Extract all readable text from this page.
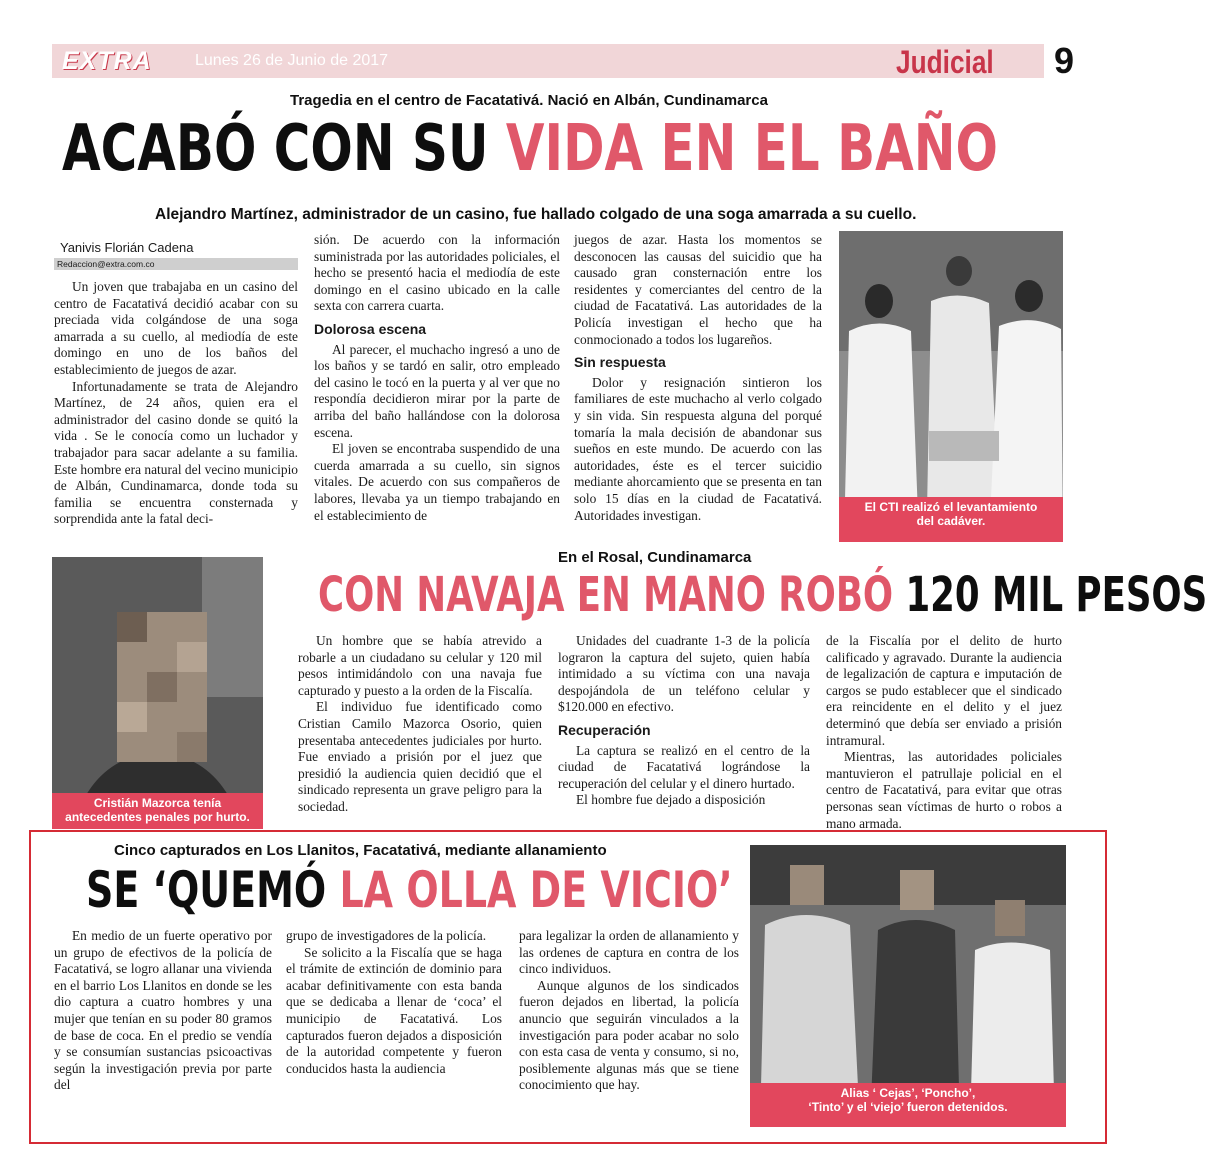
EXTRA	Lunes 26 de Junio de 2017	Judicial 9
Tragedia en el centro de Facatativá. Nació en Albán, Cundinamarca
ACABÓ CON SU VIDA EN EL BAÑO
Alejandro Martínez, administrador de un casino, fue hallado colgado de una soga amarrada a su cuello.
Yanivis Florián Cadena
Redaccion@extra.com.co

Un joven que trabajaba en un casino del centro de Facatativá decidió acabar con su preciada vida colgándose de una soga amarrada a su cuello, al mediodía de este domingo en uno de los baños del establecimiento de juegos de azar.

Infortunadamente se trata de Alejandro Martínez, de 24 años, quien era el administrador del casino donde se quitó la vida . Se le conocía como un luchador y trabajador para sacar adelante a su familia. Este hombre era natural del vecino municipio de Albán, Cundinamarca, donde toda su familia se encuentra consternada y sorprendida ante la fatal deci-

sión. De acuerdo con la información suministrada por las autoridades policiales, el hecho se presentó hacia el mediodía de este domingo en el casino ubicado en la calle sexta con carrera cuarta.

Dolorosa escena

Al parecer, el muchacho ingresó a uno de los baños y se tardó en salir, otro empleado del casino le tocó en la puerta y al ver que no respondía decidieron mirar por la parte de arriba del baño hallándose con la dolorosa escena.

El joven se encontraba suspendido de una cuerda amarrada a su cuello, sin signos vitales. De acuerdo con sus compañeros de labores, llevaba ya un tiempo trabajando en el establecimiento de

juegos de azar. Hasta los momentos se desconocen las causas del suicidio que ha causado gran consternación entre los residentes y comerciantes del centro de la ciudad de Facatativá. Las autoridades de la Policía investigan el hecho que ha conmocionado a todos los lugareños.

Sin respuesta

Dolor y resignación sintieron los familiares de este muchacho al verlo colgado y sin vida. Sin respuesta alguna del porqué tomaría la mala decisión de abandonar sus sueños en este mundo. De acuerdo con las autoridades, éste es el tercer suicidio mediante ahorcamiento que se presenta en tan solo 15 días en la ciudad de Facatativá. Autoridades investigan.

El CTI realizó el levantamiento
del cadáver.
Cristián Mazorca tenía
antecedentes penales por hurto.
En el Rosal, Cundinamarca
CON NAVAJA EN MANO ROBÓ 120 MIL PESOS

Un hombre que se había atrevido a robarle a un ciudadano su celular y 120 mil pesos intimidándolo con una navaja fue capturado y puesto a la orden de la Fiscalía.

El individuo fue identificado como Cristian Camilo Mazorca Osorio, quien presentaba antecedentes judiciales por hurto. Fue enviado a prisión por el juez que presidió la audiencia quien decidió que el sindicado representa un grave peligro para la sociedad.

Unidades del cuadrante 1-3 de la policía lograron la captura del sujeto, quien había intimidado a su víctima con una navaja despojándola de un teléfono celular y $120.000 en efectivo.

Recuperación

La captura se realizó en el centro de la ciudad de Facatativá lográndose la recuperación del celular y el dinero hurtado.

El hombre fue dejado a disposición

de la Fiscalía por el delito de hurto calificado y agravado. Durante la audiencia de legalización de captura e imputación de cargos se pudo establecer que el sindicado era reincidente en el delito y el juez determinó que debía ser enviado a prisión intramural.

Mientras, las autoridades policiales mantuvieron el patrullaje policial en el centro de Facatativá, para evitar que otras personas sean víctimas de hurto o robos a mano armada.

Cinco capturados en Los Llanitos, Facatativá, mediante allanamiento
SE ‘QUEMÓ LA OLLA DE VICIO’

En medio de un fuerte operativo por un grupo de efectivos de la policía de Facatativá, se logro allanar una vivienda en el barrio Los Llanitos en donde se les dio captura a cuatro hombres y una mujer que tenían en su poder 80 gramos de base de coca. En el predio se vendía y se consumían sustancias psicoactivas según la investigación previa por parte del

grupo de investigadores de la policía.

Se solicito a la Fiscalía que se haga el trámite de extinción de dominio para acabar definitivamente con esta banda que se dedicaba a llenar de ‘coca’ el municipio de Facatativá. Los capturados fueron dejados a disposición de la autoridad competente y fueron conducidos hasta la audiencia

para legalizar la orden de allanamiento y las ordenes de captura en contra de los cinco individuos.

Aunque algunos de los sindicados fueron dejados en libertad, la policía anuncio que seguirán vinculados a la investigación para poder acabar no solo con esta casa de venta y consumo, si no, posiblemente algunas más que se tiene conocimiento que hay.

Alias ‘ Cejas’, ‘Poncho’,
‘Tinto’ y el ‘viejo’ fueron detenidos.
